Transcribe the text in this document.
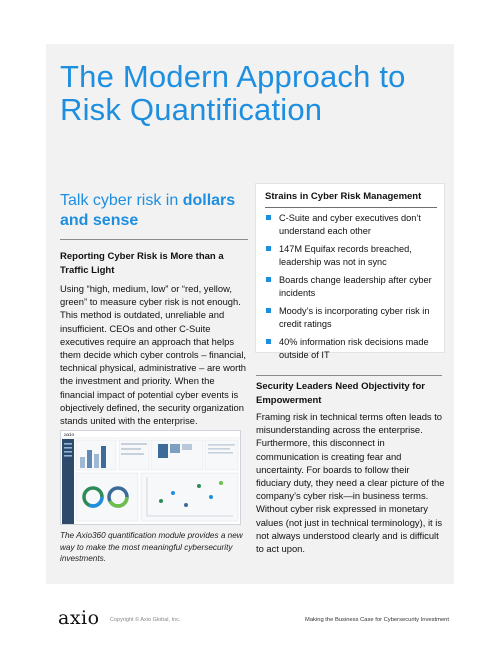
The Modern Approach to Risk Quantification
Talk cyber risk in dollars and sense
Reporting Cyber Risk is More than a Traffic Light
Using “high, medium, low” or “red, yellow, green” to measure cyber risk is not enough. This method is outdated, unreliable and insufficient. CEOs and other C-Suite executives require an approach that helps them decide which cyber controls – financial, technical physical, administrative – are worth the investment and priority. When the financial impact of potential cyber events is objectively defined, the security organization stands united with the enterprise.
Strains in Cyber Risk Management
C-Suite and cyber executives don’t understand each other
147M Equifax records breached, leadership was not in sync
Boards change leadership after cyber incidents
Moody’s is incorporating cyber risk in credit ratings
40% information risk decisions made outside of IT
Security Leaders Need Objectivity for Empowerment
Framing risk in technical terms often leads to misunderstanding across the enterprise. Furthermore, this disconnect in communication is creating fear and uncertainty. For boards to follow their fiduciary duty, they need a clear picture of the company’s cyber risk—in business terms. Without cyber risk expressed in monetary values (not just in technical terminology), it is not always understood clearly and is difficult to act upon.
axio
The Axio360 quantification module provides a new way to make the most meaningful cybersecurity investments.
axio Copyright © Axio Global, Inc.	Making the Business Case for Cybersecurity Investment
